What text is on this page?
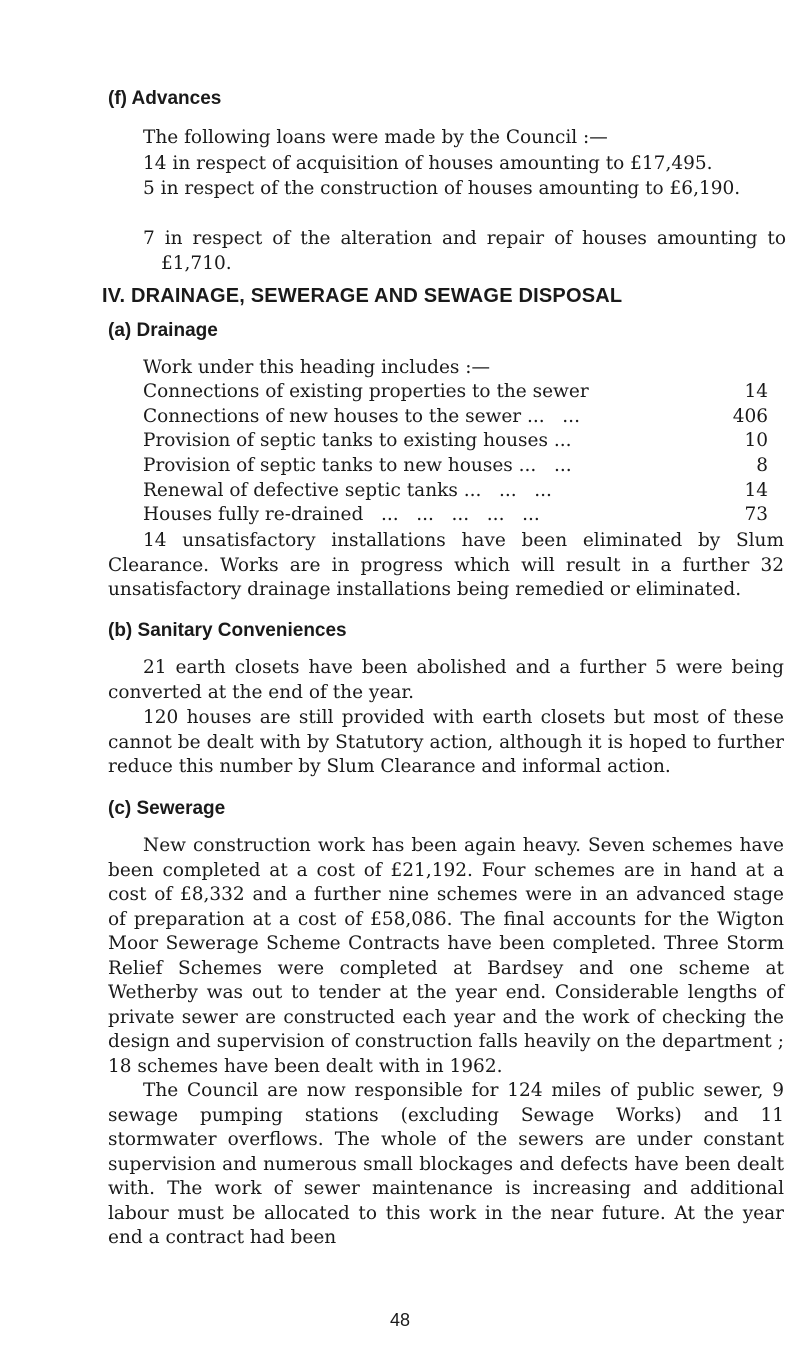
(f) Advances
The following loans were made by the Council :—
14 in respect of acquisition of houses amounting to £17,495.
5 in respect of the construction of houses amounting to £6,190.
7 in respect of the alteration and repair of houses amounting to £1,710.
IV. DRAINAGE, SEWERAGE AND SEWAGE DISPOSAL
(a) Drainage
Work under this heading includes :—
Connections of existing properties to the sewer	14
Connections of new houses to the sewer ...   ...	406
Provision of septic tanks to existing houses ...	10
Provision of septic tanks to new houses ...   ...	8
Renewal of defective septic tanks ...   ...   ...	14
Houses fully re-drained   ...   ...   ...   ...   ...	73
14 unsatisfactory installations have been eliminated by Slum Clearance. Works are in progress which will result in a further 32 unsatisfactory drainage installations being remedied or eliminated.
(b) Sanitary Conveniences
21 earth closets have been abolished and a further 5 were being converted at the end of the year.
120 houses are still provided with earth closets but most of these cannot be dealt with by Statutory action, although it is hoped to further reduce this number by Slum Clearance and informal action.
(c) Sewerage
New construction work has been again heavy. Seven schemes have been completed at a cost of £21,192. Four schemes are in hand at a cost of £8,332 and a further nine schemes were in an advanced stage of preparation at a cost of £58,086. The final accounts for the Wigton Moor Sewerage Scheme Contracts have been completed. Three Storm Relief Schemes were completed at Bardsey and one scheme at Wetherby was out to tender at the year end. Considerable lengths of private sewer are constructed each year and the work of checking the design and supervision of construction falls heavily on the department ; 18 schemes have been dealt with in 1962.
The Council are now responsible for 124 miles of public sewer, 9 sewage pumping stations (excluding Sewage Works) and 11 stormwater overflows. The whole of the sewers are under constant supervision and numerous small blockages and defects have been dealt with. The work of sewer maintenance is increasing and additional labour must be allocated to this work in the near future. At the year end a contract had been
48
